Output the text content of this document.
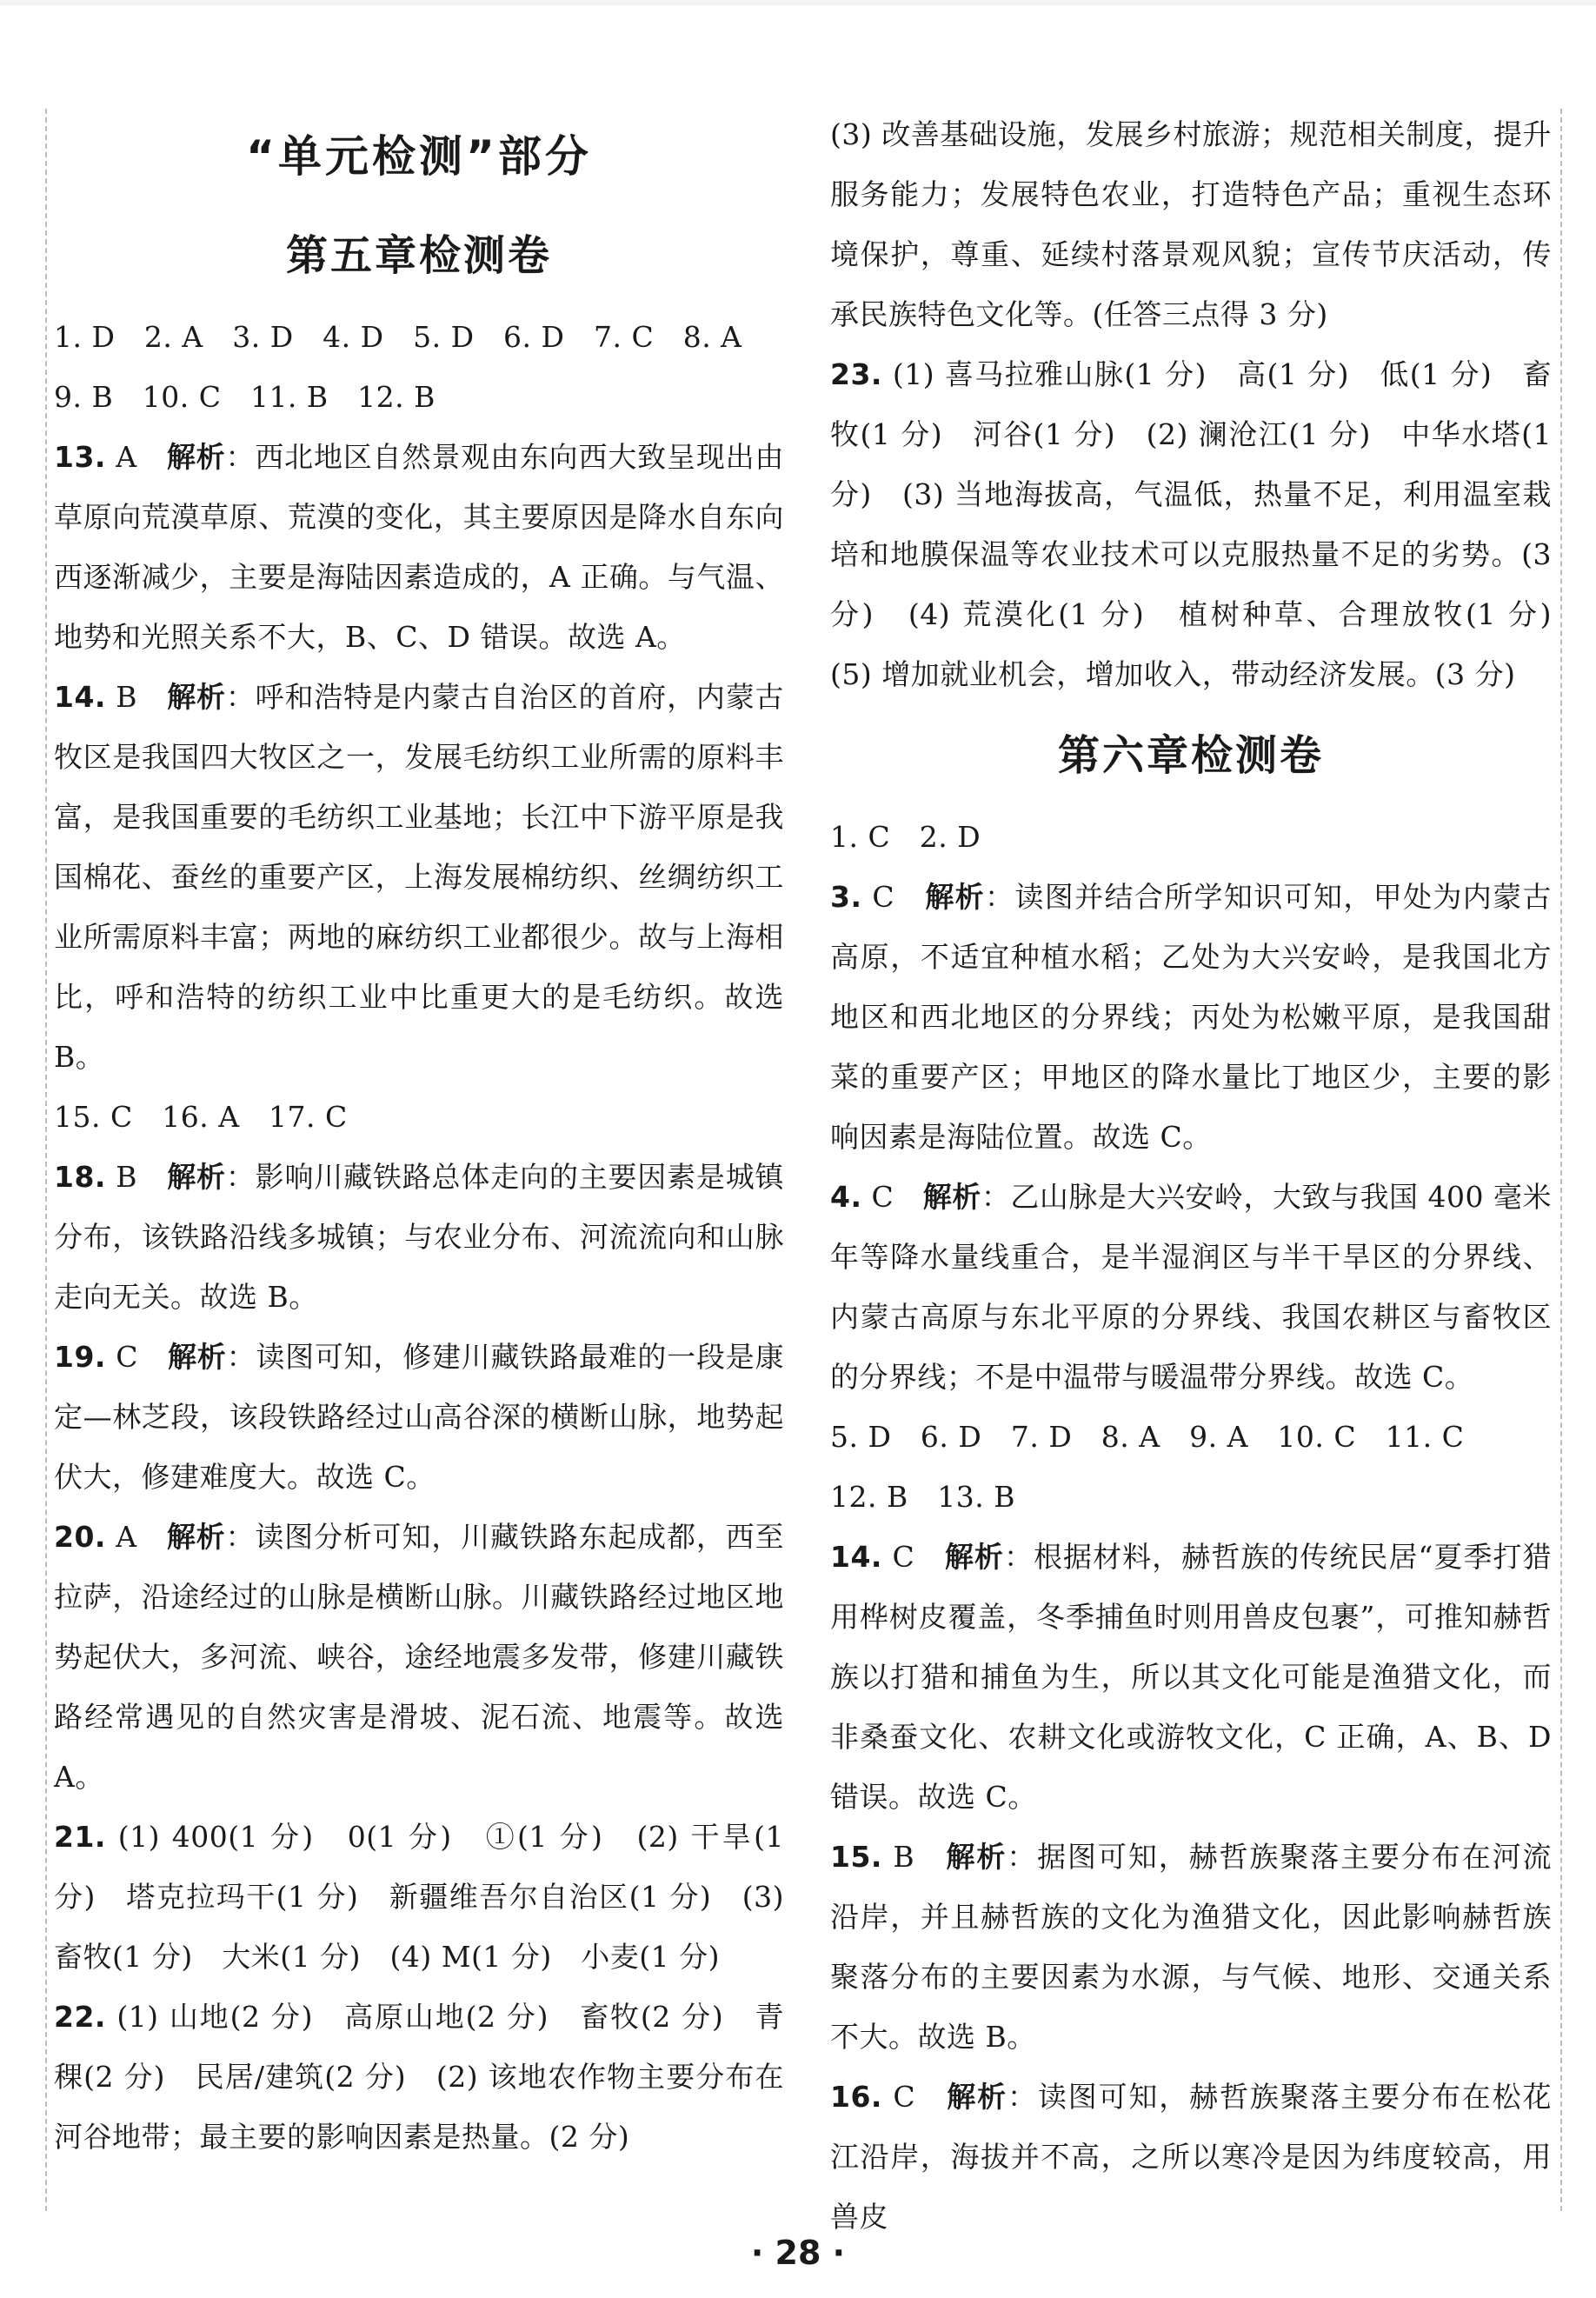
“单元检测”部分
第五章检测卷

1. D　2. A　3. D　4. D　5. D　6. D　7. C　8. A

9. B　10. C　11. B　12. B

13. A　 解析：西北地区自然景观由东向西大致呈现出由草原向荒漠草原、荒漠的变化，其主要原因是降水自东向西逐渐减少，主要是海陆因素造成的，A 正确。与气温、地势和光照关系不大，B、C、D 错误。故选 A。

14. B　 解析：呼和浩特是内蒙古自治区的首府，内蒙古牧区是我国四大牧区之一，发展毛纺织工业所需的原料丰富，是我国重要的毛纺织工业基地；长江中下游平原是我国棉花、蚕丝的重要产区，上海发展棉纺织、丝绸纺织工业所需原料丰富；两地的麻纺织工业都很少。故与上海相比，呼和浩特的纺织工业中比重更大的是毛纺织。故选 B。

15. C　16. A　17. C

18. B　 解析：影响川藏铁路总体走向的主要因素是城镇分布，该铁路沿线多城镇；与农业分布、河流流向和山脉走向无关。故选 B。

19. C　 解析：读图可知，修建川藏铁路最难的一段是康定—林芝段，该段铁路经过山高谷深的横断山脉，地势起伏大，修建难度大。故选 C。

20. A　 解析：读图分析可知，川藏铁路东起成都，西至拉萨，沿途经过的山脉是横断山脉。川藏铁路经过地区地势起伏大，多河流、峡谷，途经地震多发带，修建川藏铁路经常遇见的自然灾害是滑坡、泥石流、地震等。故选 A。

21. (1) 400(1 分)　0(1 分)　①(1 分)　(2) 干旱(1 分)　塔克拉玛干(1 分)　新疆维吾尔自治区(1 分)　(3) 畜牧(1 分)　大米(1 分)　(4) M(1 分)　小麦(1 分)

22. (1) 山地(2 分)　高原山地(2 分)　畜牧(2 分)　青稞(2 分)　民居/建筑(2 分)　(2) 该地农作物主要分布在河谷地带；最主要的影响因素是热量。(2 分)

(3) 改善基础设施，发展乡村旅游；规范相关制度，提升服务能力；发展特色农业，打造特色产品；重视生态环境保护，尊重、延续村落景观风貌；宣传节庆活动，传承民族特色文化等。(任答三点得 3 分)

23. (1) 喜马拉雅山脉(1 分)　高(1 分)　低(1 分)　畜牧(1 分)　河谷(1 分)　(2) 澜沧江(1 分)　中华水塔(1 分)　(3) 当地海拔高，气温低，热量不足，利用温室栽培和地膜保温等农业技术可以克服热量不足的劣势。(3 分)　(4) 荒漠化(1 分)　植树种草、合理放牧(1 分)　(5) 增加就业机会，增加收入，带动经济发展。(3 分)

第六章检测卷

1. C　2. D

3. C　 解析：读图并结合所学知识可知，甲处为内蒙古高原，不适宜种植水稻；乙处为大兴安岭，是我国北方地区和西北地区的分界线；丙处为松嫩平原，是我国甜菜的重要产区；甲地区的降水量比丁地区少，主要的影响因素是海陆位置。故选 C。

4. C　 解析：乙山脉是大兴安岭，大致与我国 400 毫米年等降水量线重合，是半湿润区与半干旱区的分界线、内蒙古高原与东北平原的分界线、我国农耕区与畜牧区的分界线；不是中温带与暖温带分界线。故选 C。

5. D　6. D　7. D　8. A　9. A　10. C　11. C

12. B　13. B

14. C　 解析：根据材料，赫哲族的传统民居“夏季打猎用桦树皮覆盖，冬季捕鱼时则用兽皮包裹”，可推知赫哲族以打猎和捕鱼为生，所以其文化可能是渔猎文化，而非桑蚕文化、农耕文化或游牧文化，C 正确，A、B、D 错误。故选 C。

15. B　 解析：据图可知，赫哲族聚落主要分布在河流沿岸，并且赫哲族的文化为渔猎文化，因此影响赫哲族聚落分布的主要因素为水源，与气候、地形、交通关系不大。故选 B。

16. C　 解析：读图可知，赫哲族聚落主要分布在松花江沿岸，海拔并不高，之所以寒冷是因为纬度较高，用兽皮

· 28 ·
